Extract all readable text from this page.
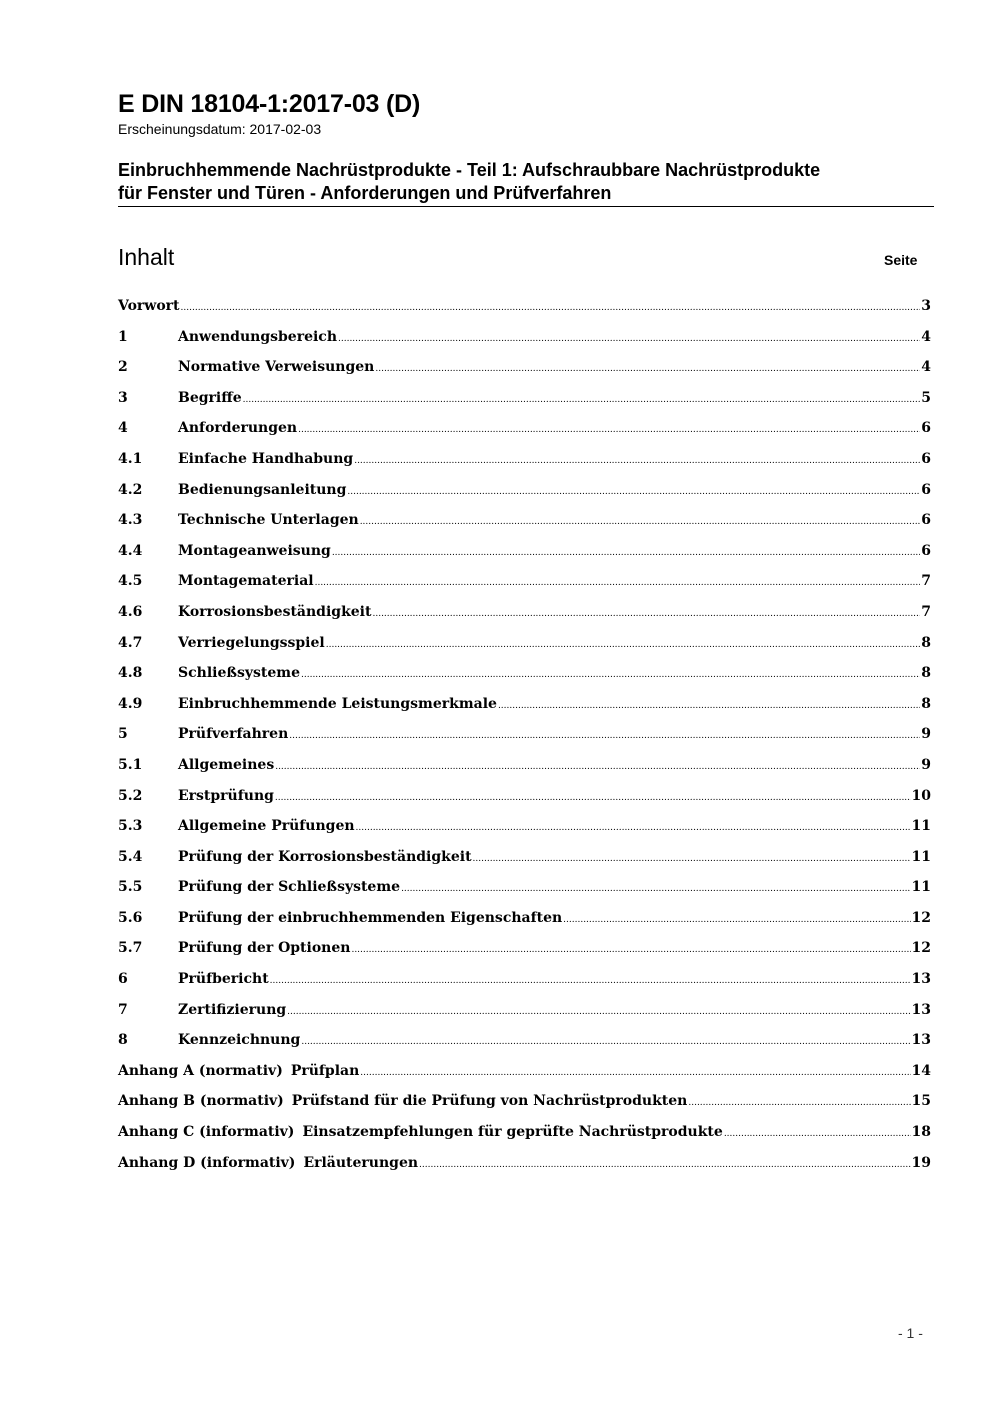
E DIN 18104-1:2017-03 (D)
Erscheinungsdatum: 2017-02-03
Einbruchhemmende Nachrüstprodukte - Teil 1: Aufschraubbare Nachrüstprodukte
für Fenster und Türen - Anforderungen und Prüfverfahren
Inhalt	Seite
Vorwort .....	3
1	Anwendungsbereich .....	4
2	Normative Verweisungen .....	4
3	Begriffe .....	5
4	Anforderungen .....	6
4.1	Einfache Handhabung .....	6
4.2	Bedienungsanleitung .....	6
4.3	Technische Unterlagen .....	6
4.4	Montageanweisung .....	6
4.5	Montagematerial .....	7
4.6	Korrosionsbeständigkeit .....	7
4.7	Verriegelungsspiel .....	8
4.8	Schließsysteme .....	8
4.9	Einbruchhemmende Leistungsmerkmale .....	8
5	Prüfverfahren .....	9
5.1	Allgemeines .....	9
5.2	Erstprüfung .....	10
5.3	Allgemeine Prüfungen .....	11
5.4	Prüfung der Korrosionsbeständigkeit .....	11
5.5	Prüfung der Schließsysteme .....	11
5.6	Prüfung der einbruchhemmenden Eigenschaften .....	12
5.7	Prüfung der Optionen .....	12
6	Prüfbericht .....	13
7	Zertifizierung .....	13
8	Kennzeichnung .....	13
Anhang A (normativ) Prüfplan .....	14
Anhang B (normativ) Prüfstand für die Prüfung von Nachrüstprodukten .....	15
Anhang C (informativ) Einsatzempfehlungen für geprüfte Nachrüstprodukte .....	18
Anhang D (informativ) Erläuterungen .....	19
- 1 -
